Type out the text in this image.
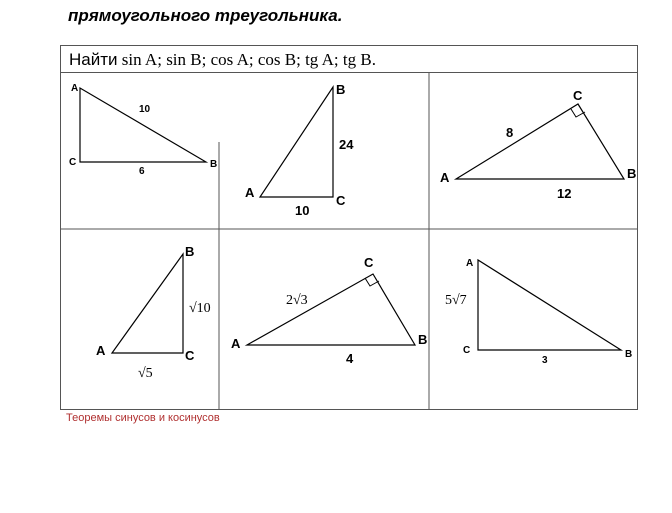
прямоугольного треугольника.
Найти sin A; sin B; cos A; cos B; tg A; tg B.
A
B
C
10
6
B
A
C
24
10
C
A	B
8
12
B
A	C
√10
√5
C
A	B
2√3
4
A
C	B
5√7
3
Теоремы синусов и косинусов
